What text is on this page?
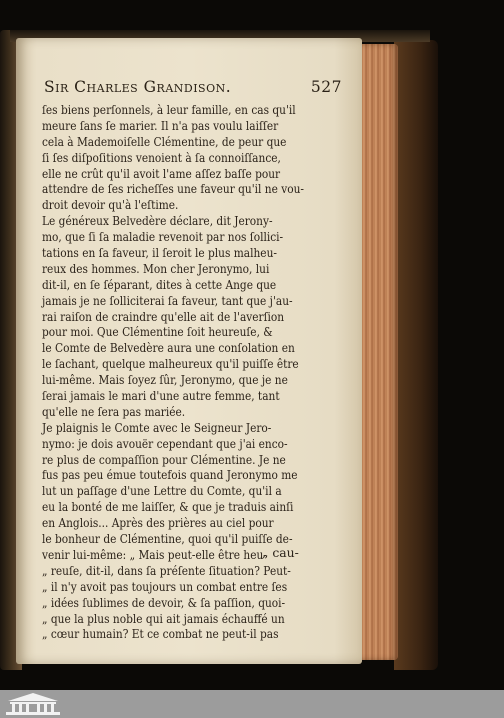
Sir Charles Grandison.	527
ſes biens perſonnels, à leur famille, en cas qu'il
meure ſans ſe marier. Il n'a pas voulu laiſſer
cela à Mademoiſelle Clémentine, de peur que
ſi ſes diſpoſitions venoient à ſa connoiſſance,
elle ne crût qu'il avoit l'ame aſſez baſſe pour
attendre de ſes richeſſes une faveur qu'il ne vou-
droit devoir qu'à l'eſtime.
Le généreux Belvedère déclare, dit Jerony-
mo, que ſi ſa maladie revenoit par nos ſollici-
tations en ſa faveur, il ſeroit le plus malheu-
reux des hommes. Mon cher Jeronymo, lui
dit-il, en ſe ſéparant, dites à cette Ange que
jamais je ne ſolliciterai ſa faveur, tant que j'au-
rai raiſon de craindre qu'elle ait de l'averſion
pour moi. Que Clémentine ſoit heureuſe, &
le Comte de Belvedère aura une conſolation en
le ſachant, quelque malheureux qu'il puiſſe être
lui-même. Mais ſoyez ſûr, Jeronymo, que je ne
ſerai jamais le mari d'une autre femme, tant
qu'elle ne ſera pas mariée.
Je plaignis le Comte avec le Seigneur Jero-
nymo: je dois avouër cependant que j'ai enco-
re plus de compaſſion pour Clémentine. Je ne
fus pas peu émue toutefois quand Jeronymo me
lut un paſſage d'une Lettre du Comte, qu'il a
eu la bonté de me laiſſer, & que je traduis ainſi
en Anglois... Après des prières au ciel pour
le bonheur de Clémentine, quoi qu'il puiſſe de-
venir lui-même: „ Mais peut-elle être heu-
„ reuſe, dit-il, dans ſa préſente ſituation? Peut-
„ il n'y avoit pas toujours un combat entre ſes
„ idées ſublimes de devoir, & ſa paſſion, quoi-
„ que la plus noble qui ait jamais échauffé un
„ cœur humain? Et ce combat ne peut-il pas
„ cau-
